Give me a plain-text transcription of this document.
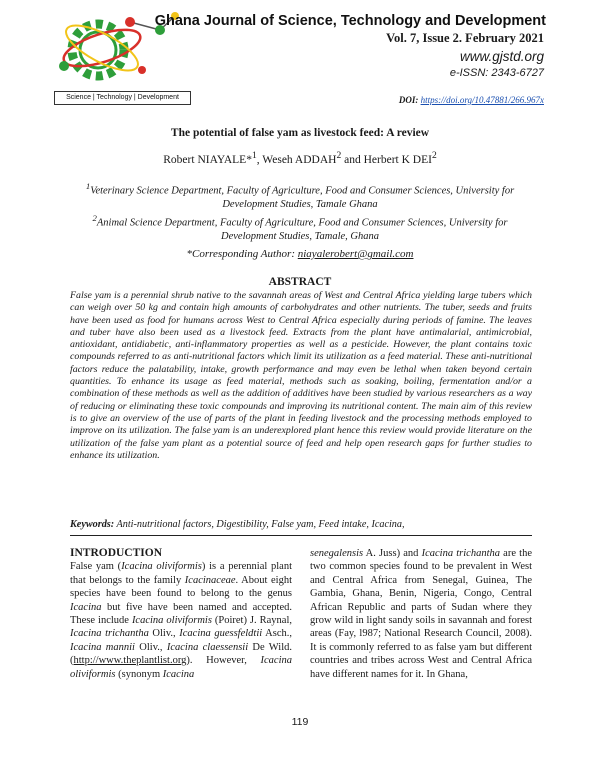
Science | Technology | Development
Ghana Journal of Science, Technology and Development
Vol. 7, Issue 2. February 2021
www.gjstd.org
e-ISSN: 2343-6727
DOI: https://doi.org/10.47881/266.967x
The potential of false yam as livestock feed: A review
Robert NIAYALE*$^1$, Weseh ADDAH$^2$ and Herbert K DEI$^2$
$^1$Veterinary Science Department, Faculty of Agriculture, Food and Consumer Sciences, University for Development Studies, Tamale Ghana
$^2$Animal Science Department, Faculty of Agriculture, Food and Consumer Sciences, University for Development Studies, Tamale, Ghana
*Corresponding Author: niayalerobert@gmail.com
ABSTRACT
False yam is a perennial shrub native to the savannah areas of West and Central Africa yielding large tubers which can weigh over 50 kg and contain high amounts of carbohydrates and other nutrients. The tuber, seeds and fruits have been used as food for humans across West to Central Africa especially during periods of famine. The leaves and tuber have also been used as a livestock feed. Extracts from the plant have antimalarial, antimicrobial, antioxidant, antidiabetic, anti-inflammatory properties as well as a pesticide. However, the plant contains toxic compounds referred to as anti-nutritional factors which limit its utilization as a feed material. These anti-nutritional factors reduce the palatability, intake, growth performance and may even be lethal when taken beyond certain quantities. To enhance its usage as feed material, methods such as soaking, boiling, fermentation and/or a combination of these methods as well as the addition of additives have been studied by various researchers as a way of reducing or eliminating these toxic compounds and improving its nutritional content. The main aim of this review is to give an overview of the use of parts of the plant in feeding livestock and the processing methods employed to improve on its utilization. The false yam is an underexplored plant hence this review would provide literature on the utilization of the false yam plant as a potential source of feed and help open research gaps for further studies to enhance its utilization.
Keywords: Anti-nutritional factors, Digestibility, False yam, Feed intake, Icacina,
INTRODUCTION
False yam (Icacina oliviformis) is a perennial plant that belongs to the family Icacinaceae. About eight species have been found to belong to the genus Icacina but five have been named and accepted. These include Icacina oliviformis (Poiret) J. Raynal, Icacina trichantha Oliv., Icacina guessfeldtii Asch., Icacina mannii Oliv., Icacina claessensii De Wild. (http://www.theplantlist.org). However, Icacina oliviformis (synonym Icacina
senegalensis A. Juss) and Icacina trichantha are the two common species found to be prevalent in West and Central Africa from Senegal, Guinea, The Gambia, Ghana, Benin, Nigeria, Congo, Central African Republic and parts of Sudan where they grow wild in light sandy soils in savannah and forest areas (Fay, l987; National Research Council, 2008). It is commonly referred to as false yam but different countries and tribes across West and Central Africa have different names for it. In Ghana,
119
